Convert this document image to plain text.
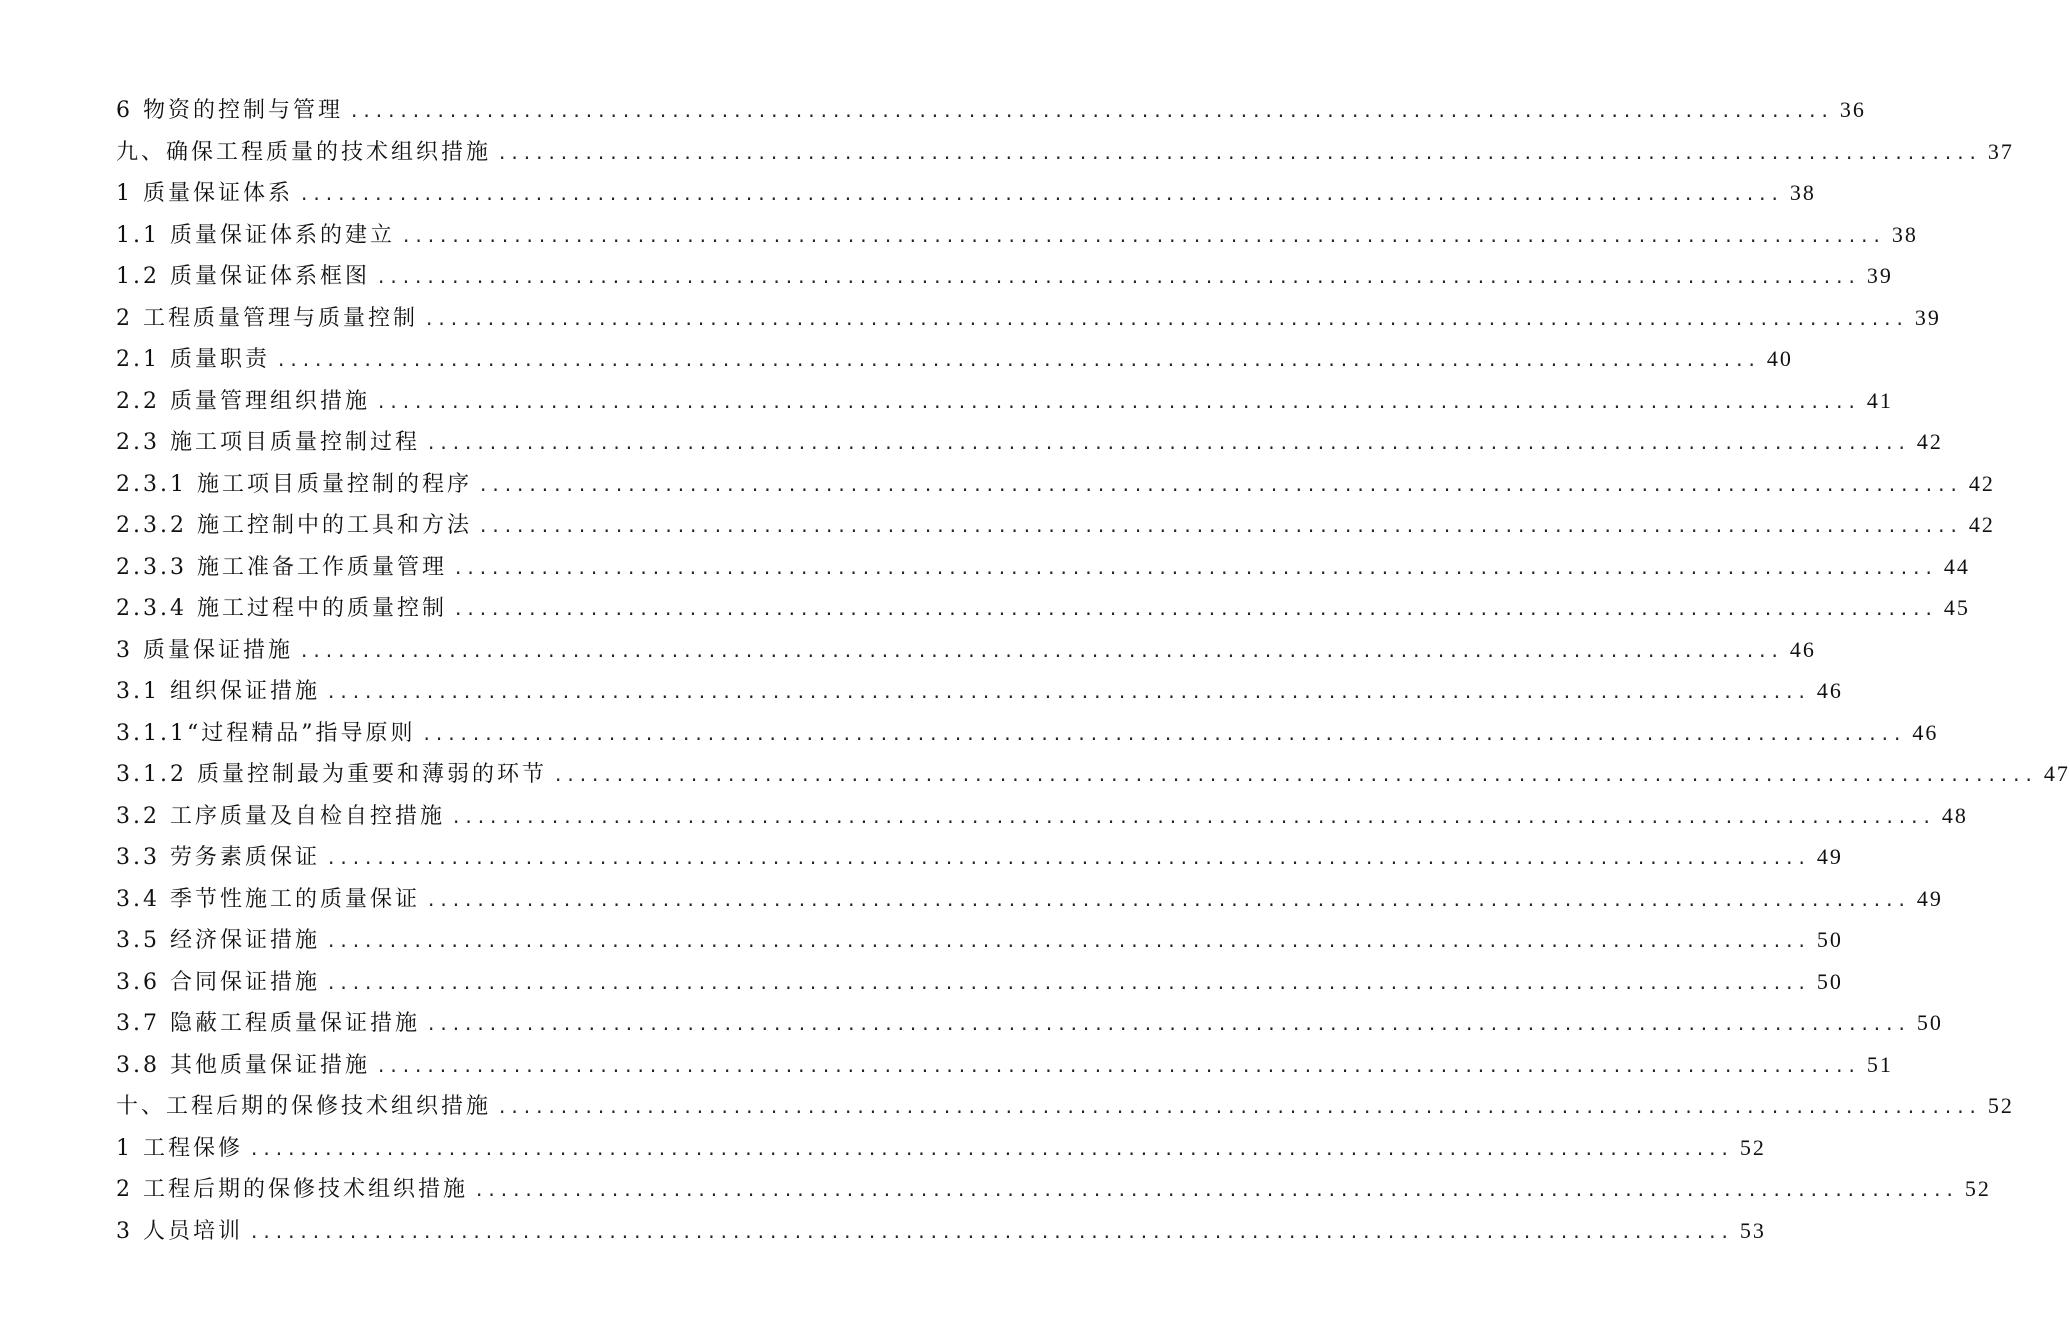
6 物资的控制与管理 ........................................................................................................................ 36
九、确保工程质量的技术组织措施 ........................................................................................................................ 37
1 质量保证体系 ........................................................................................................................ 38
1.1 质量保证体系的建立 ........................................................................................................................ 38
1.2 质量保证体系框图 ........................................................................................................................ 39
2 工程质量管理与质量控制 ........................................................................................................................ 39
2.1 质量职责 ........................................................................................................................ 40
2.2 质量管理组织措施 ........................................................................................................................ 41
2.3 施工项目质量控制过程 ........................................................................................................................ 42
2.3.1 施工项目质量控制的程序 ........................................................................................................................ 42
2.3.2 施工控制中的工具和方法 ........................................................................................................................ 42
2.3.3 施工准备工作质量管理 ........................................................................................................................ 44
2.3.4 施工过程中的质量控制 ........................................................................................................................ 45
3 质量保证措施 ........................................................................................................................ 46
3.1 组织保证措施 ........................................................................................................................ 46
3.1.1“过程精品”指导原则 ........................................................................................................................ 46
3.1.2 质量控制最为重要和薄弱的环节 ........................................................................................................................ 47
3.2 工序质量及自检自控措施 ........................................................................................................................ 48
3.3 劳务素质保证 ........................................................................................................................ 49
3.4 季节性施工的质量保证 ........................................................................................................................ 49
3.5 经济保证措施 ........................................................................................................................ 50
3.6 合同保证措施 ........................................................................................................................ 50
3.7 隐蔽工程质量保证措施 ........................................................................................................................ 50
3.8 其他质量保证措施 ........................................................................................................................ 51
十、工程后期的保修技术组织措施 ........................................................................................................................ 52
1 工程保修 ........................................................................................................................ 52
2 工程后期的保修技术组织措施 ........................................................................................................................ 52
3 人员培训 ........................................................................................................................ 53
